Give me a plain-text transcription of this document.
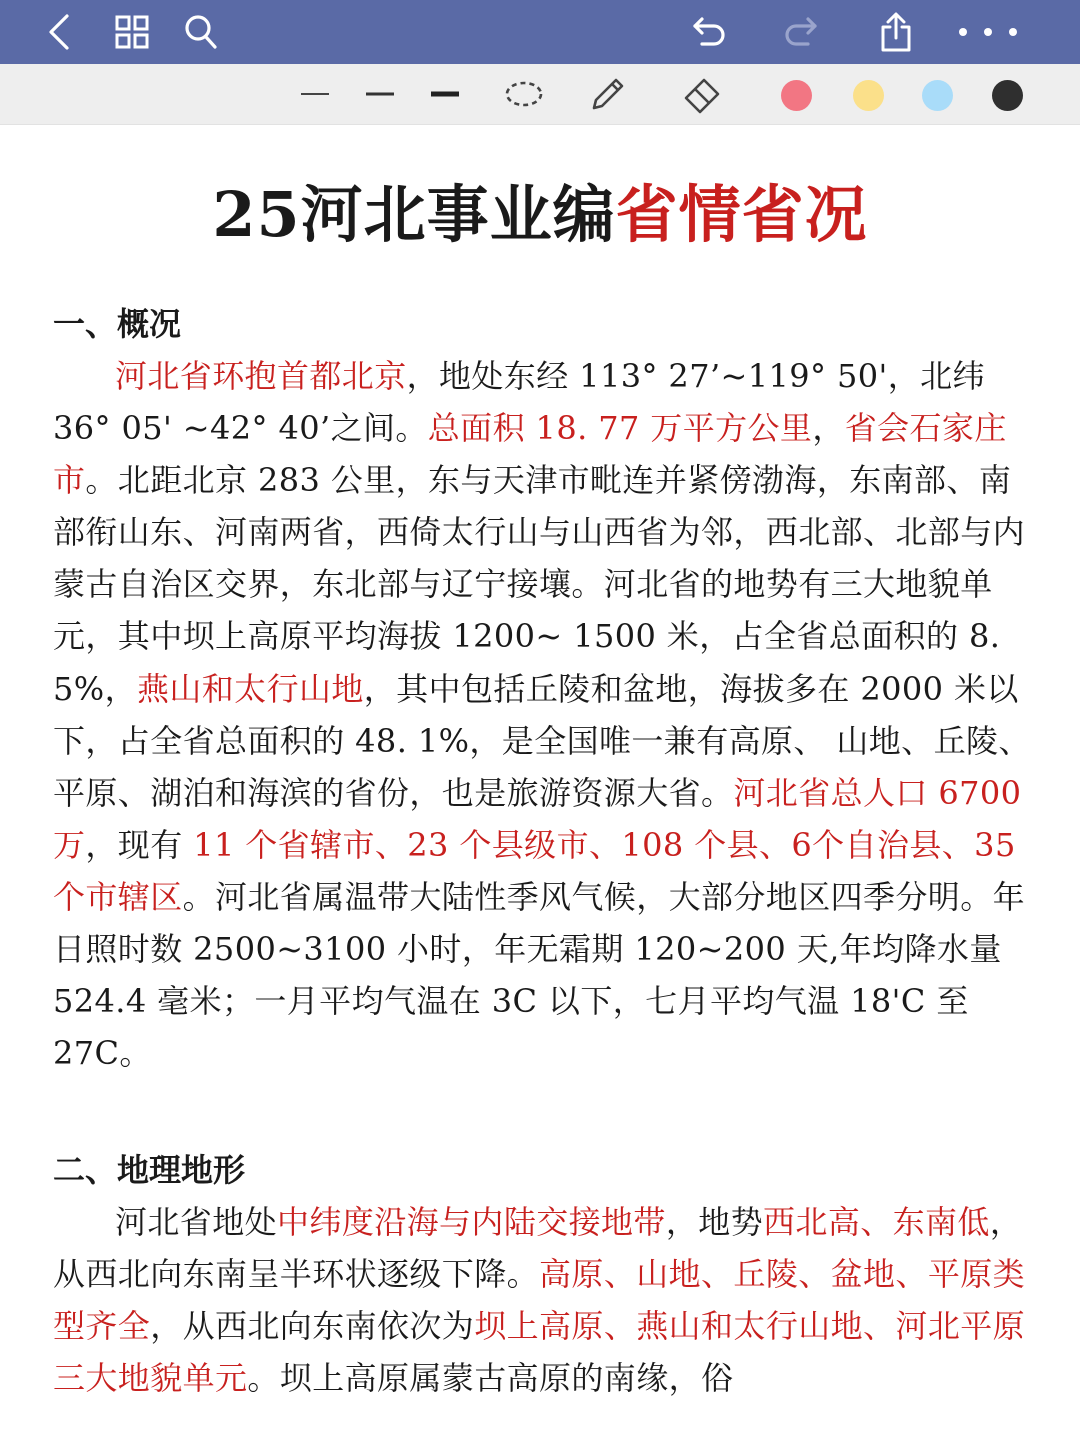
25河北事业编省情省况
一、概况
河北省环抱首都北京，地处东经 113° 27’~119° 50'，北纬 36° 05' ~42° 40’之间。总面积 18. 77 万平方公里，省会石家庄市。北距北京 283 公里，东与天津市毗连并紧傍渤海，东南部、南部衔山东、河南两省，西倚太行山与山西省为邻，西北部、北部与内蒙古自治区交界，东北部与辽宁接壤。河北省的地势有三大地貌单元，其中坝上高原平均海拔 1200~ 1500 米，占全省总面积的 8. 5%，燕山和太行山地，其中包括丘陵和盆地，海拔多在 2000 米以下，占全省总面积的 48. 1%，是全国唯一兼有高原、 山地、丘陵、平原、湖泊和海滨的省份，也是旅游资源大省。河北省总人口 6700 万，现有 11 个省辖市、23 个县级市、108 个县、6个自治县、35 个市辖区。河北省属温带大陆性季风气候，大部分地区四季分明。年日照时数 2500~3100 小时，年无霜期 120~200 天,年均降水量 524.4 毫米；一月平均气温在 3C 以下，七月平均气温 18'C 至 27C。
二、地理地形
河北省地处中纬度沿海与内陆交接地带，地势西北高、东南低，从西北向东南呈半环状逐级下降。高原、山地、丘陵、盆地、平原类型齐全，从西北向东南依次为坝上高原、燕山和太行山地、河北平原三大地貌单元。坝上高原属蒙古高原的南缘，俗
